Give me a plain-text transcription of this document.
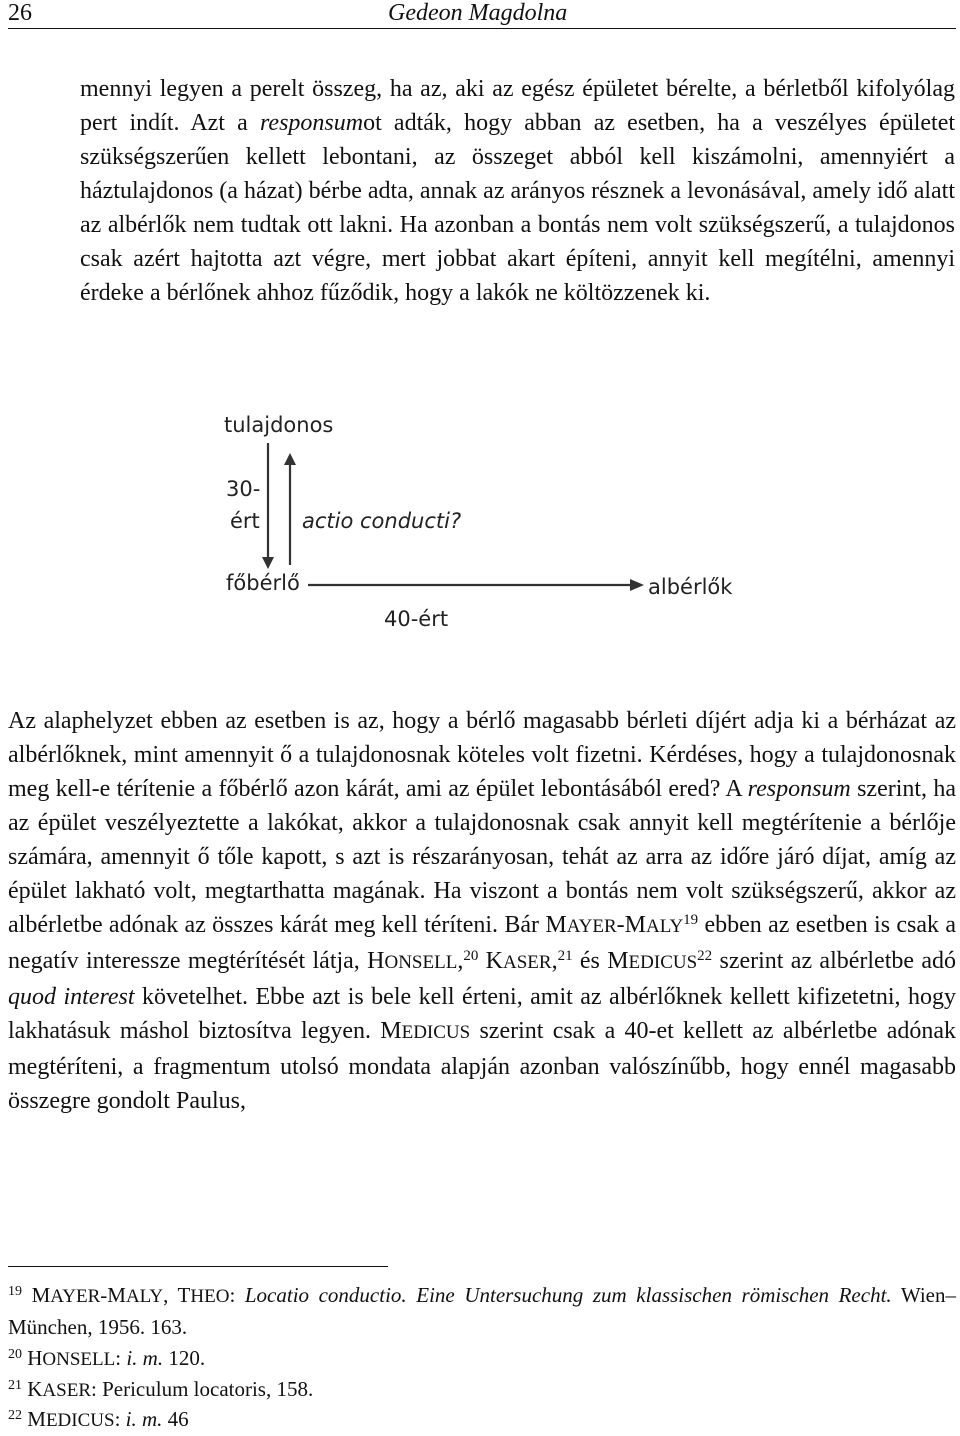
26	Gedeon Magdolna

mennyi legyen a perelt összeg, ha az, aki az egész épületet bérelte, a bérletből kifolyólag pert indít. Azt a responsumot adták, hogy abban az esetben, ha a veszélyes épületet szükségszerűen kellett lebontani, az összeget abból kell kiszámolni, amennyiért a háztulajdonos (a házat) bérbe adta, annak az arányos résznek a levonásával, amely idő alatt az albérlők nem tudtak ott lakni. Ha azonban a bontás nem volt szükségszerű, a tulajdonos csak azért hajtotta azt végre, mert jobbat akart építeni, annyit kell megítélni, amennyi érdeke a bérlőnek ahhoz fűződik, hogy a lakók ne költözzenek ki.

tulajdonos
30-
ért actio conducti?
főbérlő	albérlők
40-ért

Az alaphelyzet ebben az esetben is az, hogy a bérlő magasabb bérleti díjért adja ki a bérházat az albérlőknek, mint amennyit ő a tulajdonosnak köteles volt fizetni. Kérdéses, hogy a tulajdonosnak meg kell-e térítenie a főbérlő azon kárát, ami az épület lebontásából ered? A responsum szerint, ha az épület veszélyeztette a lakókat, akkor a tulajdonosnak csak annyit kell megtérítenie a bérlője számára, amennyit ő tőle kapott, s azt is részarányosan, tehát az arra az időre járó díjat, amíg az épület lakható volt, megtarthatta magának. Ha viszont a bontás nem volt szükségszerű, akkor az albérletbe adónak az összes kárát meg kell téríteni. Bár MAYER-MALY$^{19}$ ebben az esetben is csak a negatív interessze megtérítését látja, HONSELL,$^{20}$ KASER,$^{21}$ és MEDICUS$^{22}$ szerint az albérletbe adó quod interest követelhet. Ebbe azt is bele kell érteni, amit az albérlőknek kellett kifizetetni, hogy lakhatásuk máshol biztosítva legyen. MEDICUS szerint csak a 40-et kellett az albérletbe adónak megtéríteni, a fragmentum utolsó mondata alapján azonban valószínűbb, hogy ennél magasabb összegre gondolt Paulus,

$^{19}$ MAYER-MALY, THEO: Locatio conductio. Eine Untersuchung zum klassischen römischen Recht. Wien–München, 1956. 163.

$^{20}$ HONSELL: i. m. 120.

$^{21}$ KASER: Periculum locatoris, 158.

$^{22}$ MEDICUS: i. m. 46
